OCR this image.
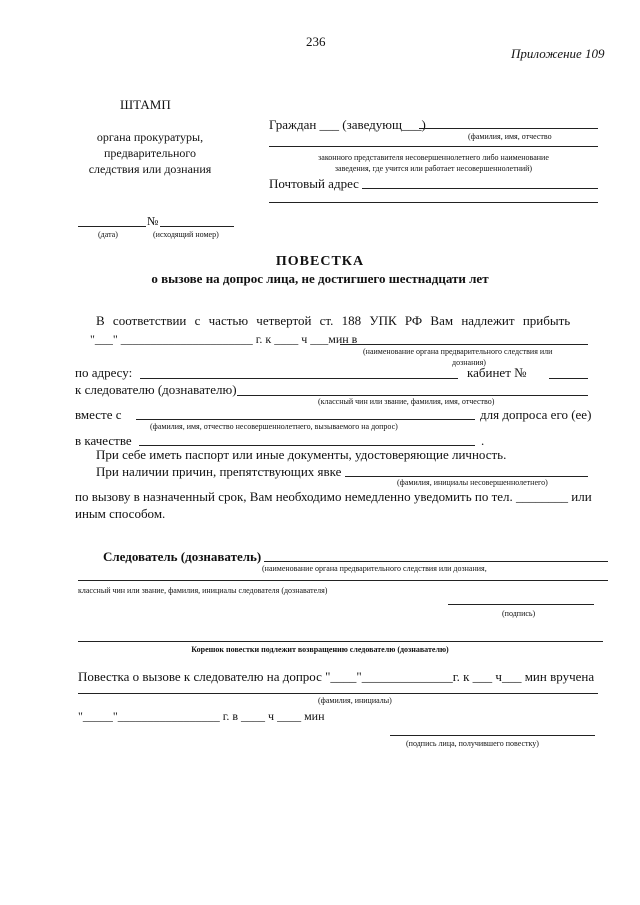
236
Приложение 109
ШТАМП
органа прокуратуры,
предварительного
следствия или дознания
Граждан ___ (заведующ___)
(фамилия, имя, отчество
законного представителя несовершеннолетнего либо наименование
заведения, где учится или работает несовершеннолетний)
Почтовый адрес
№
(дата)	(исходящий номер)
ПОВЕСТКА
о вызове на допрос лица, не достигшего шестнадцати лет
В соответствии с частью четвертой ст. 188 УПК РФ Вам надлежит прибыть
"___" ______________________ г. к ____ ч ___мин в
(наименование органа предварительного следствия или
дознания)
по адресу:	кабинет №
к следователю (дознавателю)
(классный чин или звание, фамилия, имя, отчество)
вместе с	для допроса его (ее)
(фамилия, имя, отчество несовершеннолетнего, вызываемого на допрос)
в качестве	.
При себе иметь паспорт или иные документы, удостоверяющие личность.
При наличии причин, препятствующих явке
(фамилия, инициалы несовершеннолетнего)
по вызову в назначенный срок, Вам необходимо немедленно уведомить по тел. ________ или
иным способом.
Следователь (дознаватель)
(наименование органа предварительного следствия или дознания,
классный чин или звание, фамилия, инициалы следователя (дознавателя)
(подпись)
Корешок повестки подлежит возвращению следователю (дознавателю)
Повестка о вызове к следователю на допрос "____"______________г. к ___ ч___ мин вручена
(фамилия, инициалы)
"_____"_________________ г. в ____ ч ____ мин
(подпись лица, получившего повестку)
